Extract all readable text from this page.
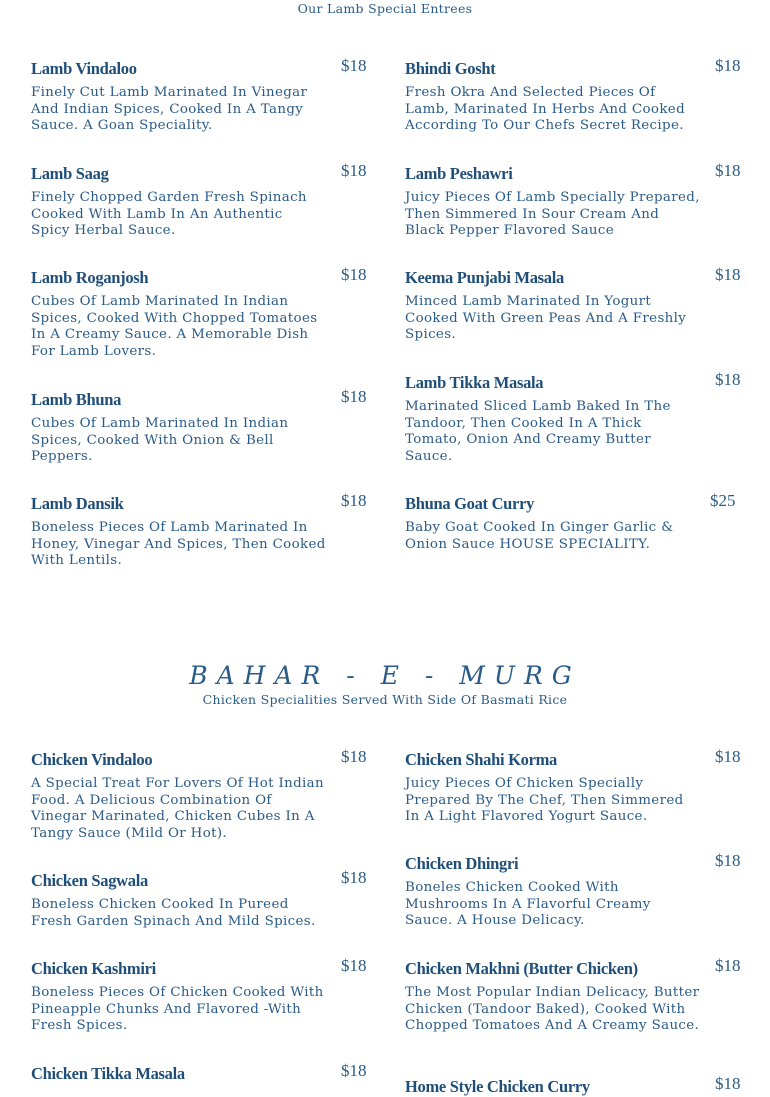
Our Lamb Special Entrees
Lamb Vindaloo	$18
Finely Cut Lamb Marinated In Vinegar And Indian Spices, Cooked In A Tangy Sauce. A Goan Speciality.
Lamb Saag	$18
Finely Chopped Garden Fresh Spinach Cooked With Lamb In An Authentic Spicy Herbal Sauce.
Lamb Roganjosh	$18
Cubes Of Lamb Marinated In Indian Spices, Cooked With Chopped Tomatoes In A Creamy Sauce. A Memorable Dish For Lamb Lovers.
Lamb Bhuna	$18
Cubes Of Lamb Marinated In Indian Spices, Cooked With Onion & Bell Peppers.
Lamb Dansik	$18
Boneless Pieces Of Lamb Marinated In Honey, Vinegar And Spices, Then Cooked With Lentils.
Bhindi Gosht	$18
Fresh Okra And Selected Pieces Of Lamb, Marinated In Herbs And Cooked According To Our Chefs Secret Recipe.
Lamb Peshawri	$18
Juicy Pieces Of Lamb Specially Prepared, Then Simmered In Sour Cream And Black Pepper Flavored Sauce
Keema Punjabi Masala	$18
Minced Lamb Marinated In Yogurt Cooked With Green Peas And A Freshly Spices.
Lamb Tikka Masala	$18
Marinated Sliced Lamb Baked In The Tandoor, Then Cooked In A Thick Tomato, Onion And Creamy Butter Sauce.
Bhuna Goat Curry	$25
Baby Goat Cooked In Ginger Garlic & Onion Sauce HOUSE SPECIALITY.
BAHAR - E - MURG
Chicken Specialities Served With Side Of Basmati Rice
Chicken Vindaloo	$18
A Special Treat For Lovers Of Hot Indian Food. A Delicious Combination Of Vinegar Marinated, Chicken Cubes In A Tangy Sauce (Mild Or Hot).
Chicken Sagwala	$18
Boneless Chicken Cooked In Pureed Fresh Garden Spinach And Mild Spices.
Chicken Kashmiri	$18
Boneless Pieces Of Chicken Cooked With Pineapple Chunks And Flavored -With Fresh Spices.
Chicken Tikka Masala	$18
Chicken Shahi Korma	$18
Juicy Pieces Of Chicken Specially Prepared By The Chef, Then Simmered In A Light Flavored Yogurt Sauce.
Chicken Dhingri	$18
Boneles Chicken Cooked With Mushrooms In A Flavorful Creamy Sauce. A House Delicacy.
Chicken Makhni (Butter Chicken)	$18
The Most Popular Indian Delicacy, Butter Chicken (Tandoor Baked), Cooked With Chopped Tomatoes And A Creamy Sauce.
Home Style Chicken Curry	$18
